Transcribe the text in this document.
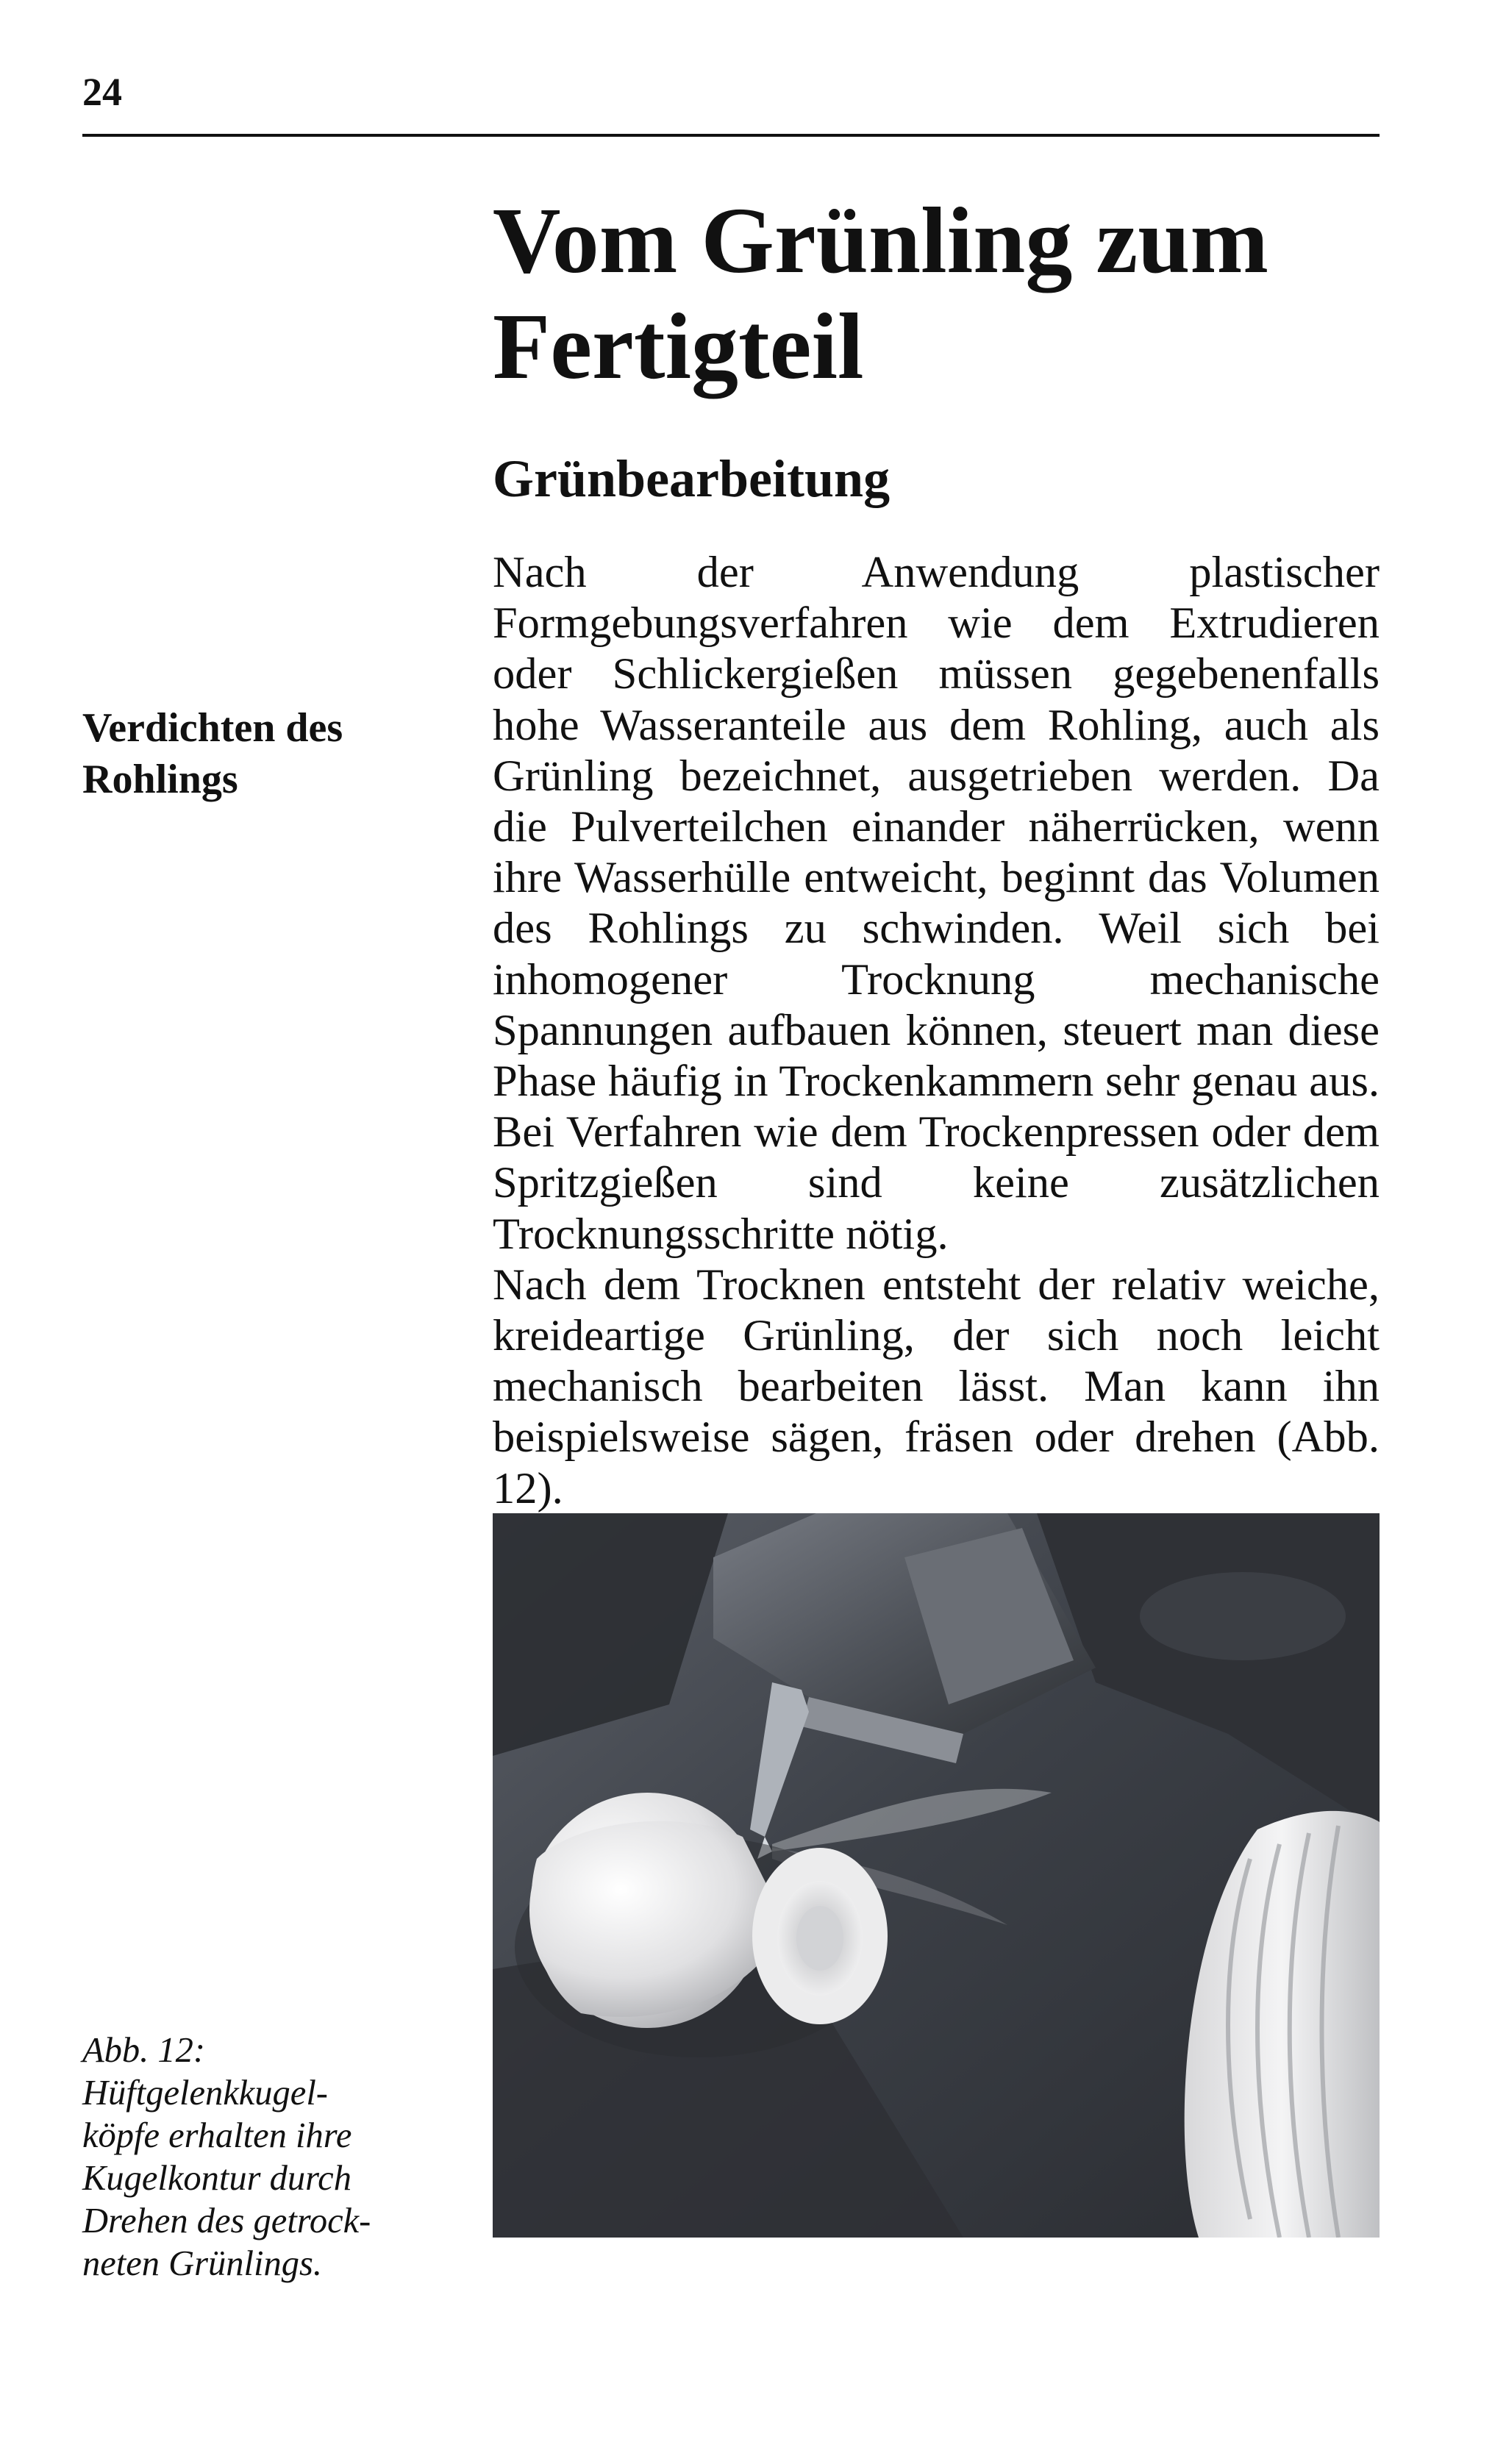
24
Vom Grünling zum
Fertigteil
Grünbearbeitung
Verdichten des
Rohlings
Nach der Anwendung plastischer Formgebungsverfahren wie dem Extrudieren oder Schlickergießen müssen gegebenenfalls hohe Wasseranteile aus dem Rohling, auch als Grünling bezeichnet, ausgetrieben werden. Da die Pulverteilchen einander näherrücken, wenn ihre Wasserhülle entweicht, beginnt das Volumen des Rohlings zu schwinden. Weil sich bei inhomogener Trocknung mechanische Spannungen aufbauen können, steuert man diese Phase häufig in Trockenkammern sehr genau aus. Bei Verfahren wie dem Trockenpressen oder dem Spritzgießen sind keine zusätzlichen Trocknungsschritte nötig.
Nach dem Trocknen entsteht der relativ weiche, kreideartige Grünling, der sich noch leicht mechanisch bearbeiten lässt. Man kann ihn beispielsweise sägen, fräsen oder drehen (Abb. 12).
Abb. 12:
Hüftgelenkkugel-
köpfe erhalten ihre
Kugelkontur durch
Drehen des getrock-
neten Grünlings.
